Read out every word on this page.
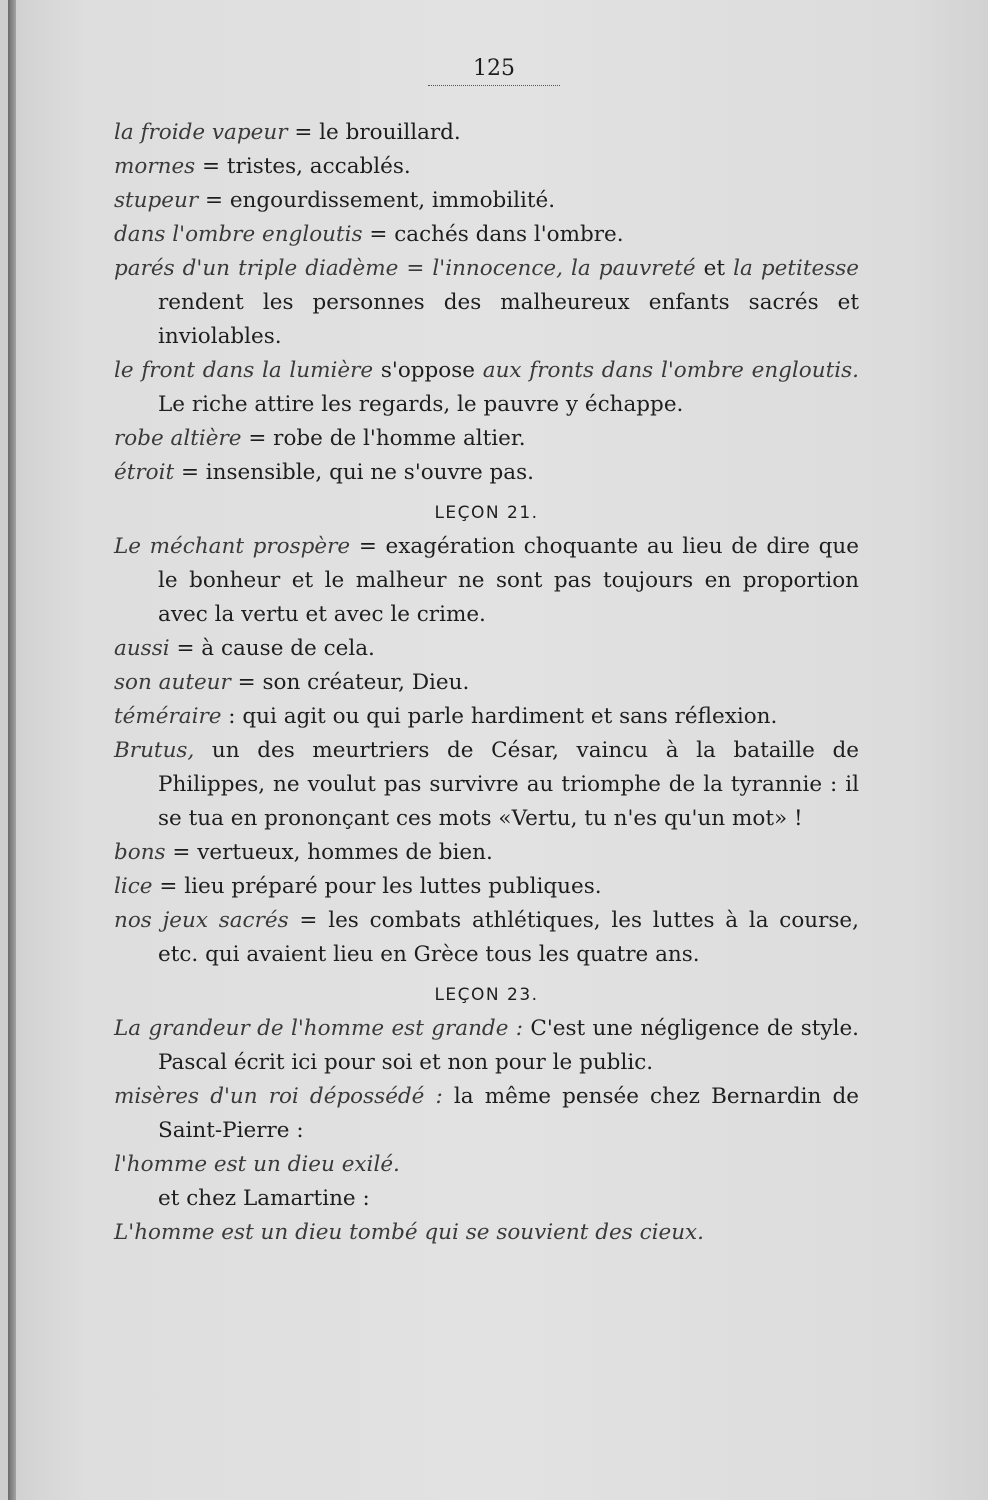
125

la froide vapeur = le brouillard.

mornes = tristes, accablés.

stupeur = engourdissement, immobilité.

dans l'ombre engloutis = cachés dans l'ombre.

parés d'un triple diadème = l'innocence, la pauvreté et la petitesse rendent les personnes des malheureux enfants sacrés et inviolables.

le front dans la lumière s'oppose aux fronts dans l'ombre engloutis. Le riche attire les regards, le pauvre y échappe.

robe altière = robe de l'homme altier.

étroit = insensible, qui ne s'ouvre pas.

LEÇON 21.

Le méchant prospère = exagération choquante au lieu de dire que le bonheur et le malheur ne sont pas toujours en proportion avec la vertu et avec le crime.

aussi = à cause de cela.

son auteur = son créateur, Dieu.

téméraire : qui agit ou qui parle hardiment et sans réflexion.

Brutus, un des meurtriers de César, vaincu à la bataille de Philippes, ne voulut pas survivre au triomphe de la tyrannie : il se tua en prononçant ces mots «Vertu, tu n'es qu'un mot» !

bons = vertueux, hommes de bien.

lice = lieu préparé pour les luttes publiques.

nos jeux sacrés = les combats athlétiques, les luttes à la course, etc. qui avaient lieu en Grèce tous les quatre ans.

LEÇON 23.

La grandeur de l'homme est grande : C'est une négligence de style. Pascal écrit ici pour soi et non pour le public.

misères d'un roi dépossédé : la même pensée chez Bernardin de Saint-Pierre :

l'homme est un dieu exilé.

et chez Lamartine :

L'homme est un dieu tombé qui se souvient des cieux.
